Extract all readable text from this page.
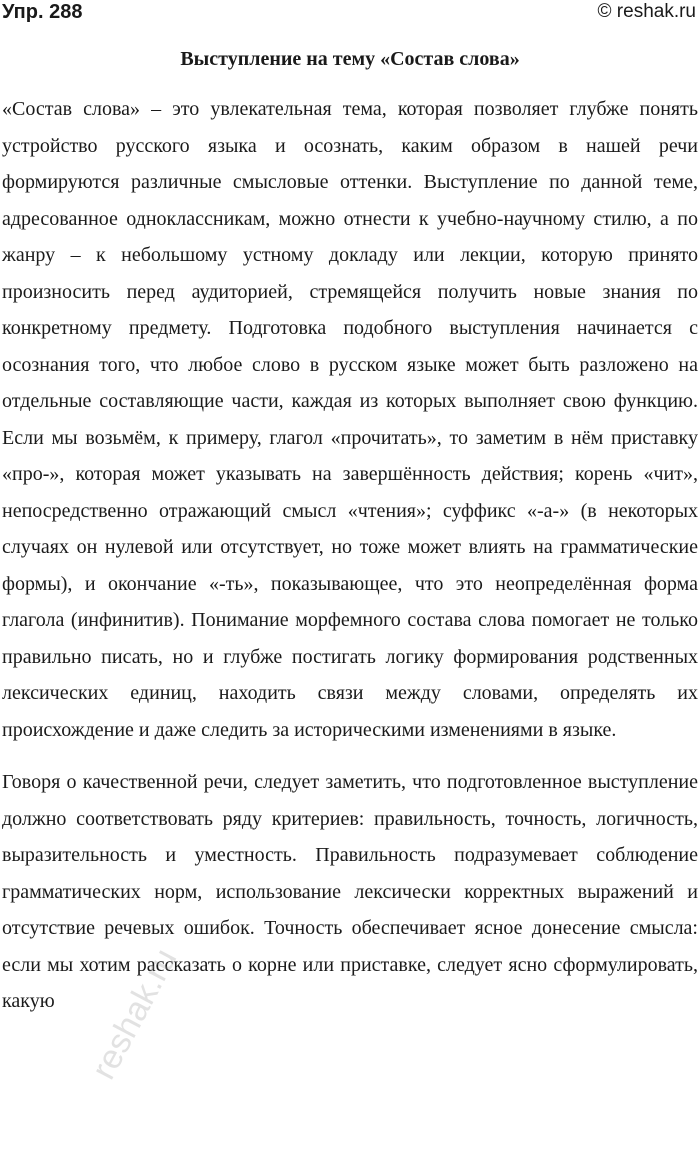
Упр. 288	© reshak.ru
Выступление на тему «Состав слова»

«Состав слова» – это увлекательная тема, которая позволяет глубже понять устройство русского языка и осознать, каким образом в нашей речи формируются различные смысловые оттенки. Выступление по данной теме, адресованное одноклассникам, можно отнести к учебно-научному стилю, а по жанру – к небольшому устному докладу или лекции, которую принято произносить перед аудиторией, стремящейся получить новые знания по конкретному предмету. Подготовка подобного выступления начинается с осознания того, что любое слово в русском языке может быть разложено на отдельные составляющие части, каждая из которых выполняет свою функцию. Если мы возьмём, к примеру, глагол «прочитать», то заметим в нём приставку «про-», которая может указывать на завершённость действия; корень «чит», непосредственно отражающий смысл «чтения»; суффикс «-а-» (в некоторых случаях он нулевой или отсутствует, но тоже может влиять на грамматические формы), и окончание «-ть», показывающее, что это неопределённая форма глагола (инфинитив). Понимание морфемного состава слова помогает не только правильно писать, но и глубже постигать логику формирования родственных лексических единиц, находить связи между словами, определять их происхождение и даже следить за историческими изменениями в языке.

Говоря о качественной речи, следует заметить, что подготовленное выступление должно соответствовать ряду критериев: правильность, точность, логичность, выразительность и уместность. Правильность подразумевает соблюдение грамматических норм, использование лексически корректных выражений и отсутствие речевых ошибок. Точность обеспечивает ясное донесение смысла: если мы хотим рассказать о корне или приставке, следует ясно сформулировать, какую reshak.ru
